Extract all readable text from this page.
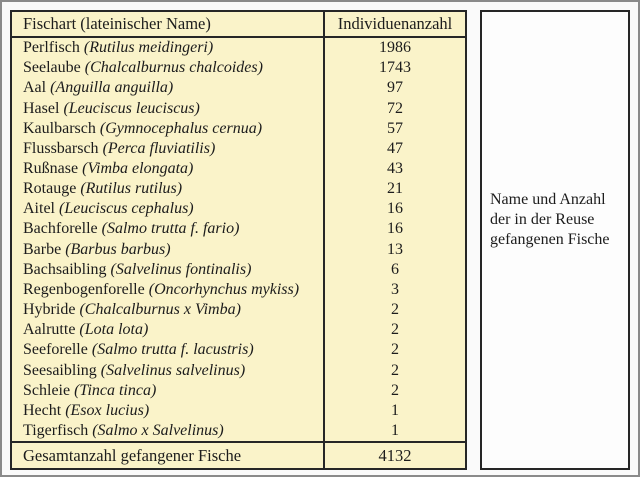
Fischart (lateinischer Name)	Individuenanzahl
Perlfisch (Rutilus meidingeri)	1986
Seelaube (Chalcalburnus chalcoides)	1743
Aal (Anguilla anguilla)	97
Hasel (Leuciscus leuciscus)	72
Kaulbarsch (Gymnocephalus cernua)	57
Flussbarsch (Perca fluviatilis)	47
Rußnase (Vimba elongata)	43
Rotauge (Rutilus rutilus)	21
Aitel (Leuciscus cephalus)	16
Bachforelle (Salmo trutta f. fario)	16
Barbe (Barbus barbus)	13
Bachsaibling (Salvelinus fontinalis)	6
Regenbogenforelle (Oncorhynchus mykiss)	3
Hybride (Chalcalburnus x Vimba)	2
Aalrutte (Lota lota)	2
Seeforelle (Salmo trutta f. lacustris)	2
Seesaibling (Salvelinus salvelinus)	2
Schleie (Tinca tinca)	2
Hecht (Esox lucius)	1
Tigerfisch (Salmo x Salvelinus)	1
Gesamtanzahl gefangener Fische	4132
Name und Anzahl der in der Reuse gefangenen Fische
